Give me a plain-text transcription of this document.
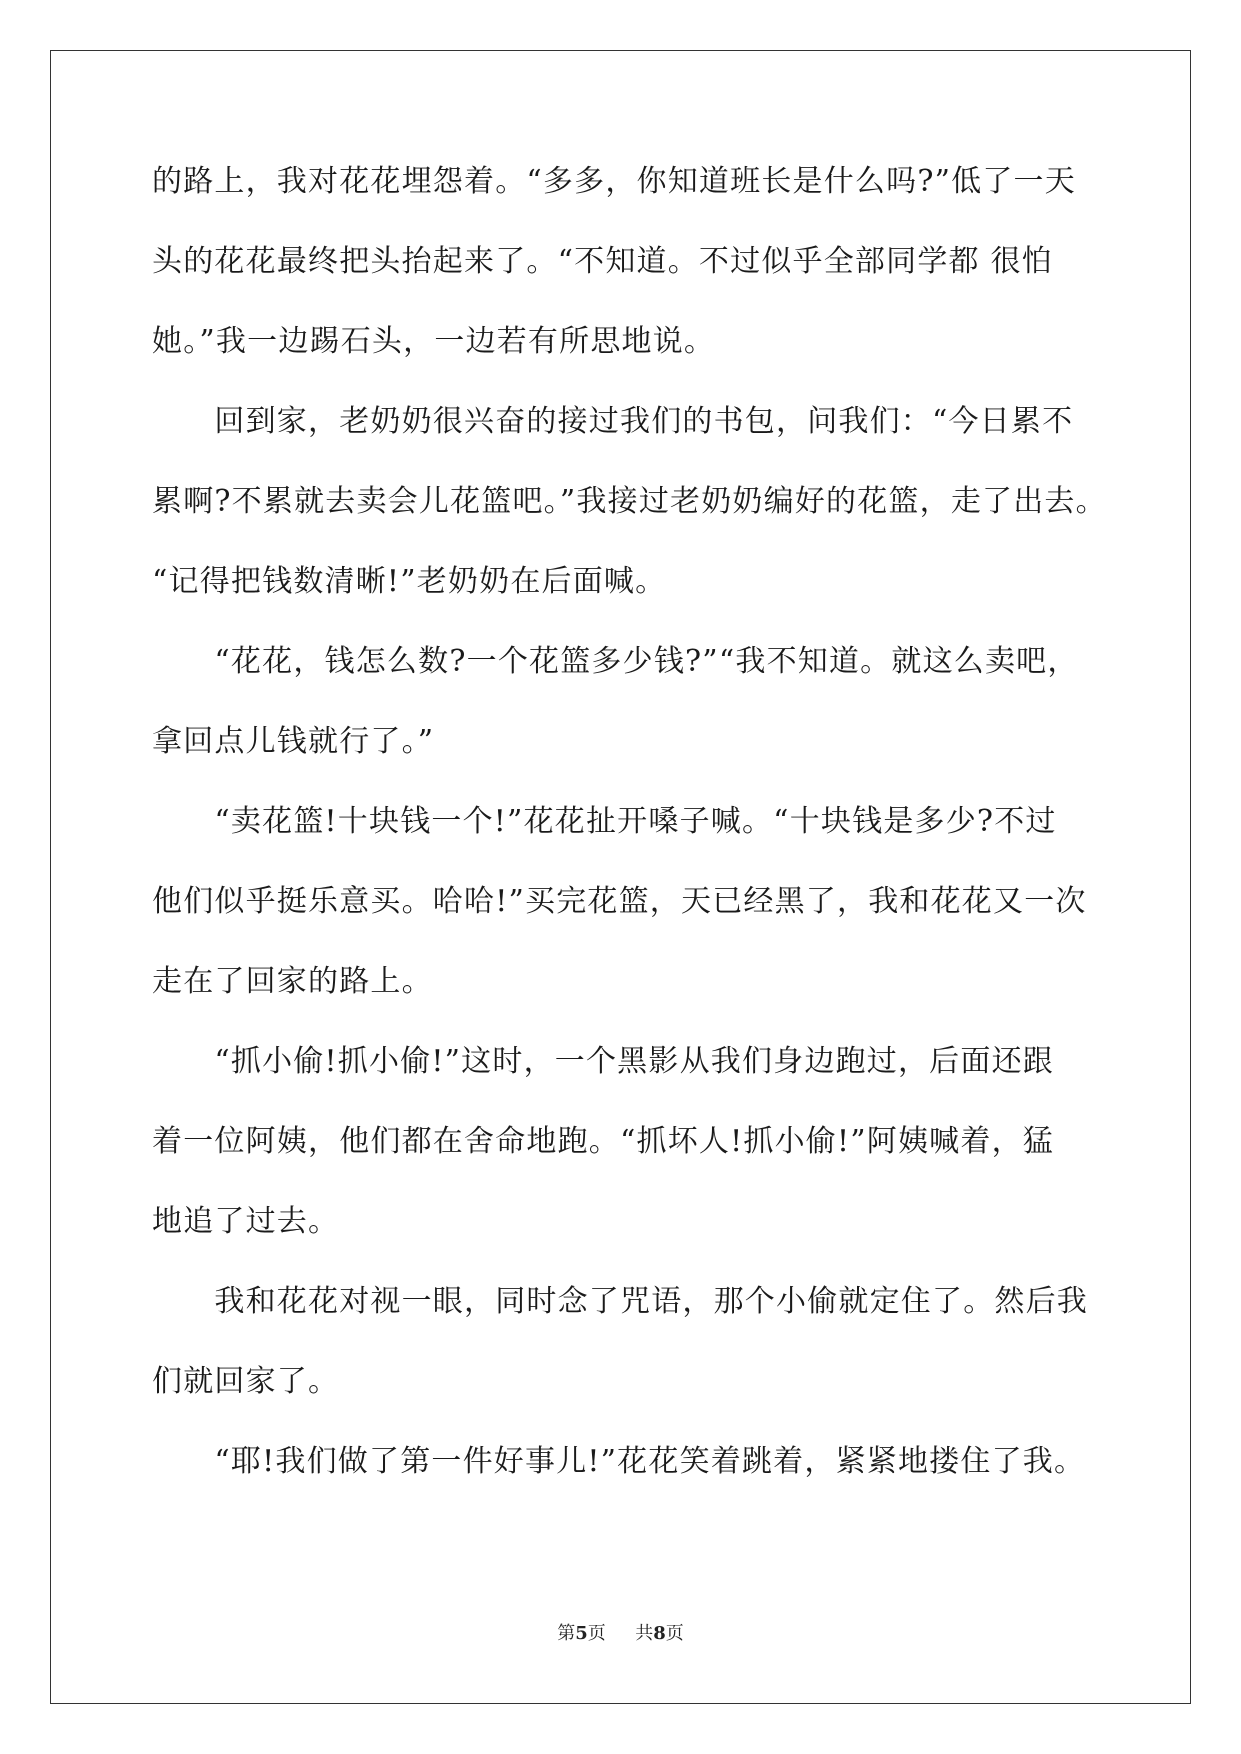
的路上，我对花花埋怨着。“多多，你知道班长是什么吗?”低了一天
头的花花最终把头抬起来了。“不知道。不过似乎全部同学都 很怕
她。”我一边踢石头，一边若有所思地说。
　　回到家，老奶奶很兴奋的接过我们的书包，问我们：“今日累不
累啊?不累就去卖会儿花篮吧。”我接过老奶奶编好的花篮，走了出去。
“记得把钱数清晰!”老奶奶在后面喊。
　　“花花，钱怎么数?一个花篮多少钱?”“我不知道。就这么卖吧，
拿回点儿钱就行了。”
　　“卖花篮!十块钱一个!”花花扯开嗓子喊。“十块钱是多少?不过
他们似乎挺乐意买。哈哈!”买完花篮，天已经黑了，我和花花又一次
走在了回家的路上。
　　“抓小偷!抓小偷!”这时，一个黑影从我们身边跑过，后面还跟
着一位阿姨，他们都在舍命地跑。“抓坏人!抓小偷!”阿姨喊着，猛
地追了过去。
　　我和花花对视一眼，同时念了咒语，那个小偷就定住了。然后我
们就回家了。
　　“耶!我们做了第一件好事儿!”花花笑着跳着，紧紧地搂住了我。
第5页 共8页
